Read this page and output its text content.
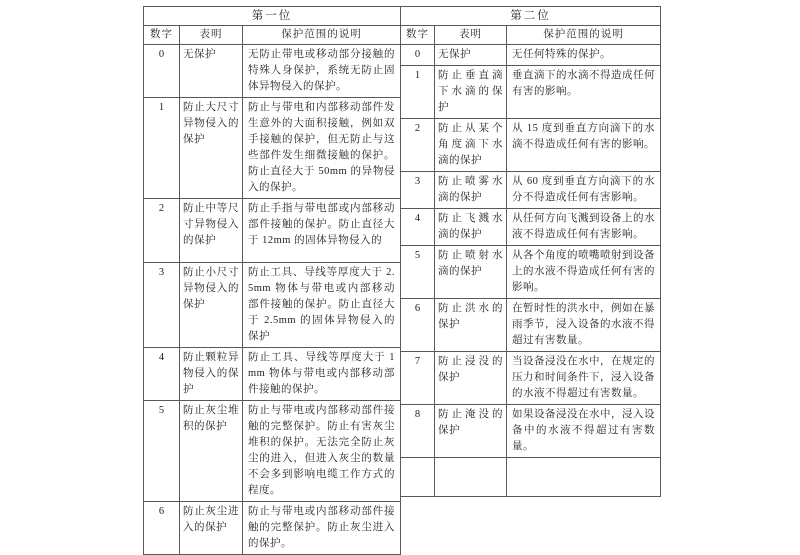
第一位		
数字	表明	保护范围的说明
0	无保护	无防止带电或移动部分接触的特殊人身保护，系统无防止固体异物侵入的保护。
1	防止大尺寸异物侵入的保护	防止与带电和内部移动部件发生意外的大面积接触，例如双手接触的保护，但无防止与这些部件发生细微接触的保护。防止直径大于 50mm 的异物侵入的保护。
2	防止中等尺寸异物侵入的保护	防止手指与带电部或内部移动部件接触的保护。防止直径大于 12mm 的固体异物侵入的
3	防止小尺寸异物侵入的保护	防止工具、导线等厚度大于 2.5mm 物体与带电或内部移动部件接触的保护。防止直径大于 2.5mm 的固体异物侵入的保护
4	防止颗粒异物侵入的保护	防止工具、导线等厚度大于 1mm 物体与带电或内部移动部件接触的保护。
5	防止灰尘堆积的保护	防止与带电或内部移动部件接触的完整保护。防止有害灰尘堆积的保护。无法完全防止灰尘的进入，但进入灰尘的数量不会多到影响电缆工作方式的程度。
6	防止灰尘进入的保护	防止与带电或内部移动部件接触的完整保护。防止灰尘进入的保护。
第二位		
数字	表明	保护范围的说明
0	无保护	无任何特殊的保护。
1	防止垂直滴下水滴的保护	垂直滴下的水滴不得造成任何有害的影响。
2	防止从某个角度滴下水滴的保护	从 15 度到垂直方向滴下的水滴不得造成任何有害的影响。
3	防止喷雾水滴的保护	从 60 度到垂直方向滴下的水分不得造成任何有害影响。
4	防止飞溅水滴的保护	从任何方向飞溅到设备上的水液不得造成任何有害影响。
5	防止喷射水滴的保护	从各个角度的喷嘴喷射到设备上的水液不得造成任何有害的影响。
6	防止洪水的保护	在暂时性的洪水中，例如在暴雨季节，浸入设备的水液不得超过有害数量。
7	防止浸没的保护	当设备浸没在水中，在规定的压力和时间条件下，浸入设备的水液不得超过有害数量。
8	防止淹没的保护	如果设备浸没在水中，浸入设备中的水液不得超过有害数量。
